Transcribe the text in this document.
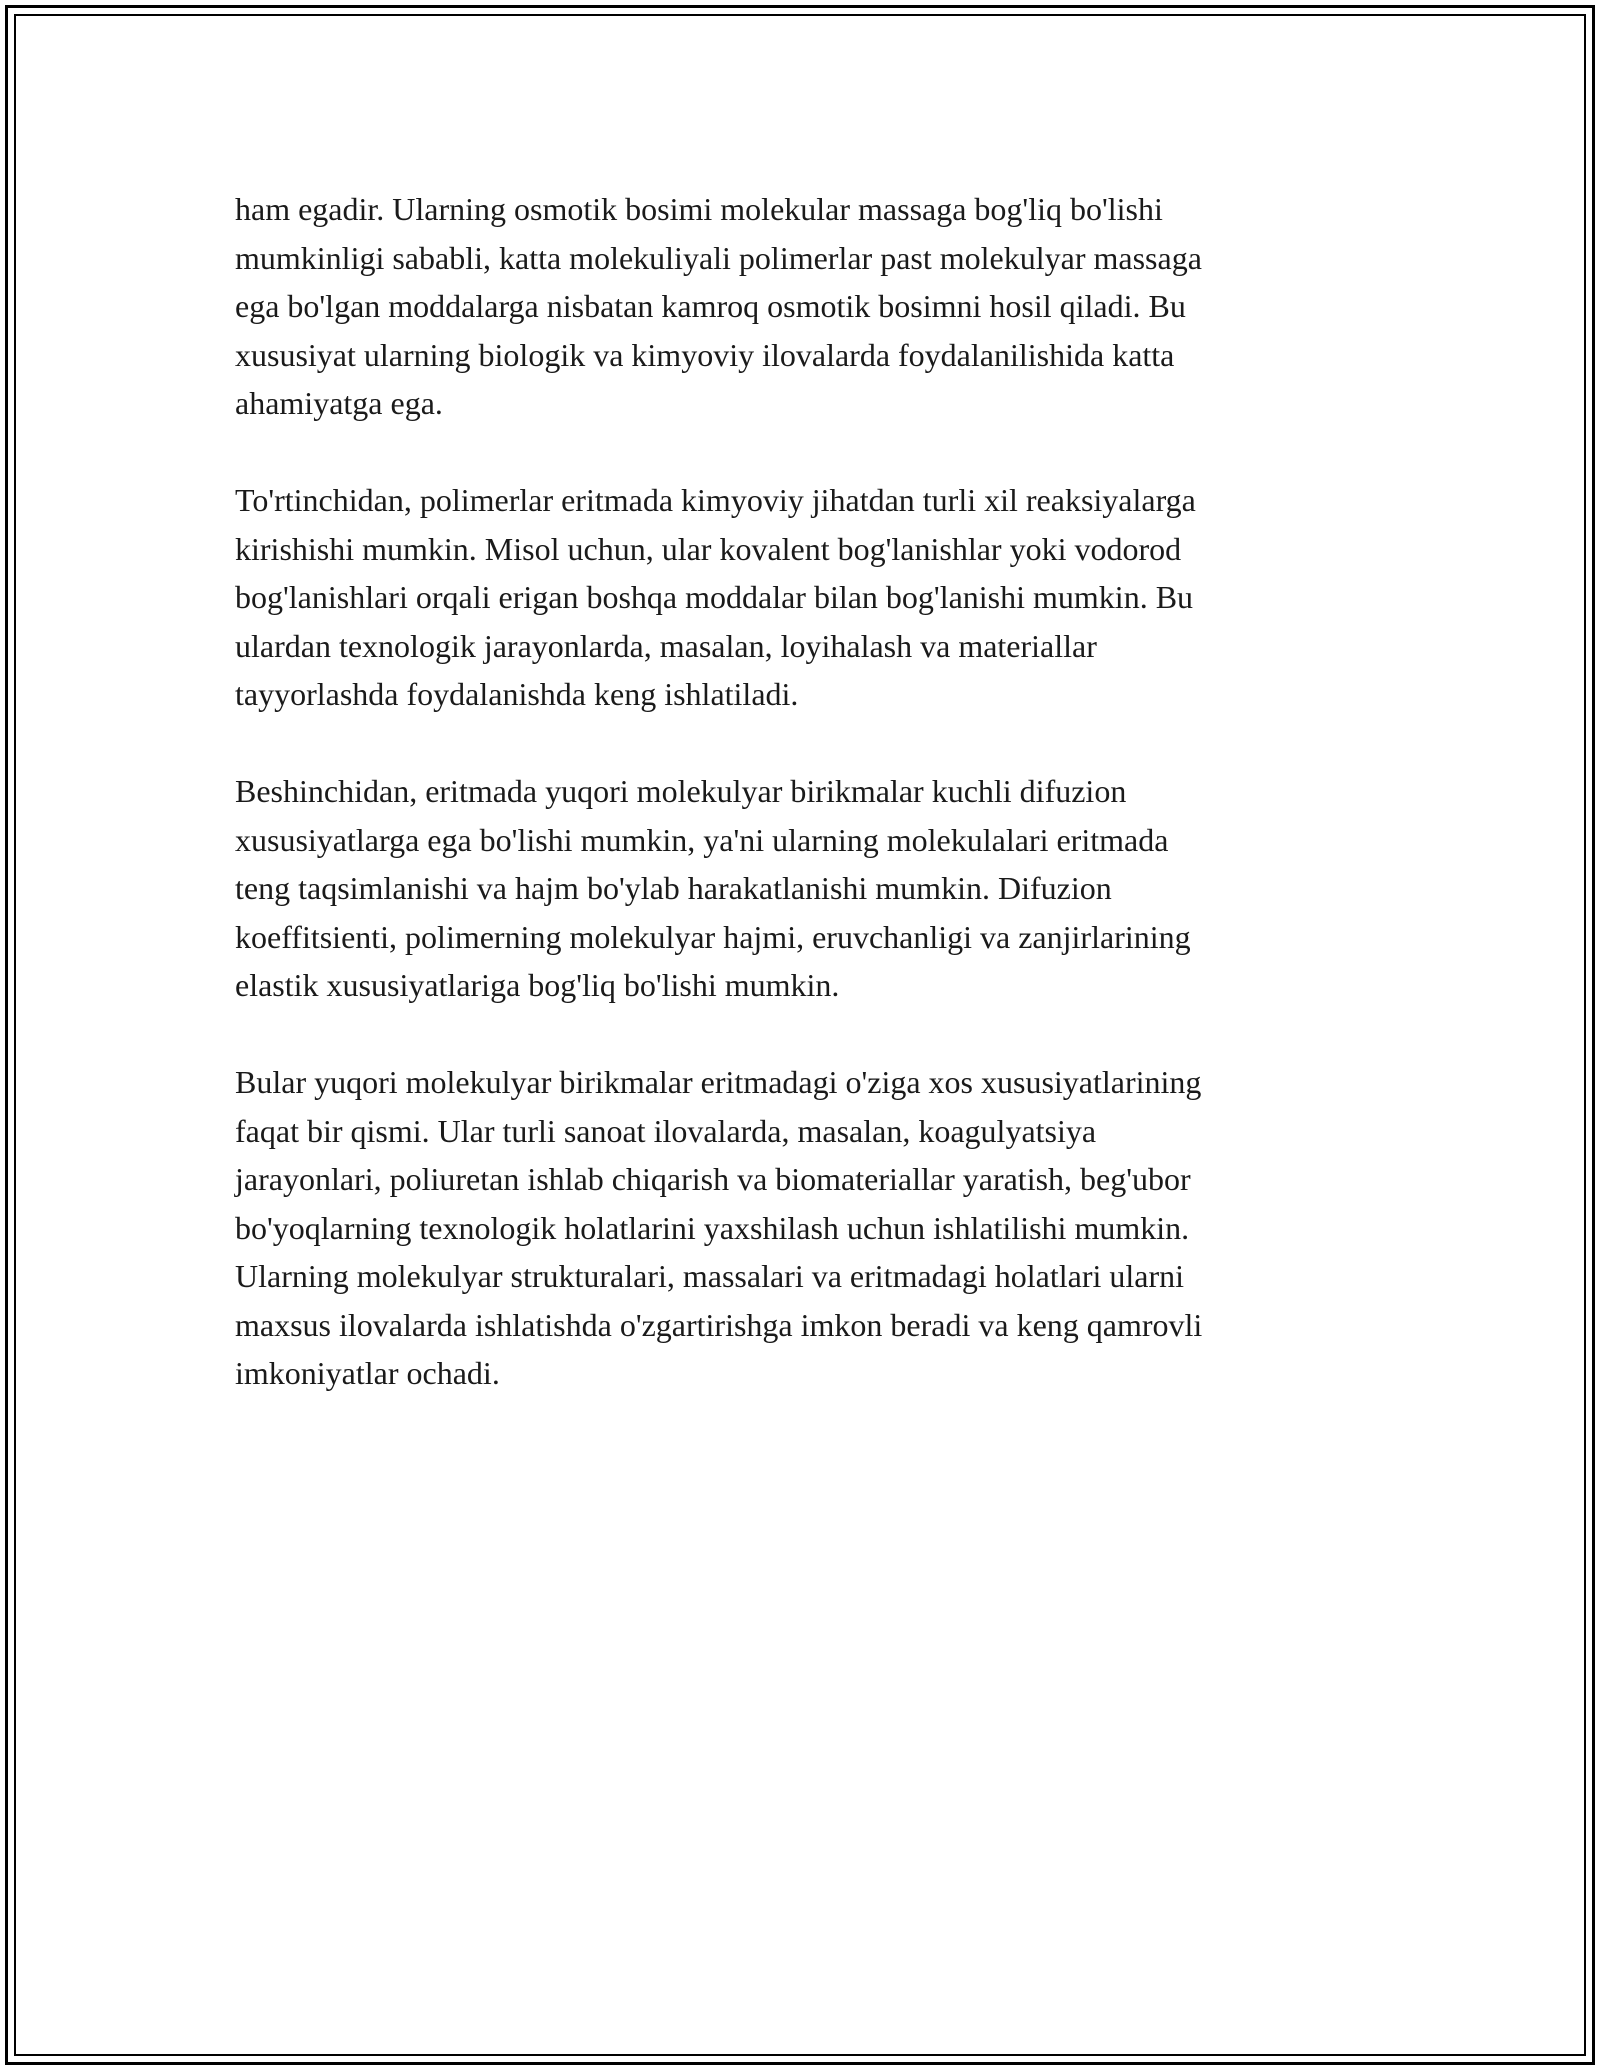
ham egadir. Ularning osmotik bosimi molekular massaga bog'liq bo'lishi
mumkinligi sababli, katta molekuliyali polimerlar past molekulyar massaga
ega bo'lgan moddalarga nisbatan kamroq osmotik bosimni hosil qiladi. Bu
xususiyat ularning biologik va kimyoviy ilovalarda foydalanilishida katta
ahamiyatga ega.

To'rtinchidan, polimerlar eritmada kimyoviy jihatdan turli xil reaksiyalarga
kirishishi mumkin. Misol uchun, ular kovalent bog'lanishlar yoki vodorod
bog'lanishlari orqali erigan boshqa moddalar bilan bog'lanishi mumkin. Bu
ulardan texnologik jarayonlarda, masalan, loyihalash va materiallar
tayyorlashda foydalanishda keng ishlatiladi.

Beshinchidan, eritmada yuqori molekulyar birikmalar kuchli difuzion
xususiyatlarga ega bo'lishi mumkin, ya'ni ularning molekulalari eritmada
teng taqsimlanishi va hajm bo'ylab harakatlanishi mumkin. Difuzion
koeffitsienti, polimerning molekulyar hajmi, eruvchanligi va zanjirlarining
elastik xususiyatlariga bog'liq bo'lishi mumkin.

Bular yuqori molekulyar birikmalar eritmadagi o'ziga xos xususiyatlarining
faqat bir qismi. Ular turli sanoat ilovalarda, masalan, koagulyatsiya
jarayonlari, poliuretan ishlab chiqarish va biomateriallar yaratish, beg'ubor
bo'yoqlarning texnologik holatlarini yaxshilash uchun ishlatilishi mumkin.
Ularning molekulyar strukturalari, massalari va eritmadagi holatlari ularni
maxsus ilovalarda ishlatishda o'zgartirishga imkon beradi va keng qamrovli
imkoniyatlar ochadi.
